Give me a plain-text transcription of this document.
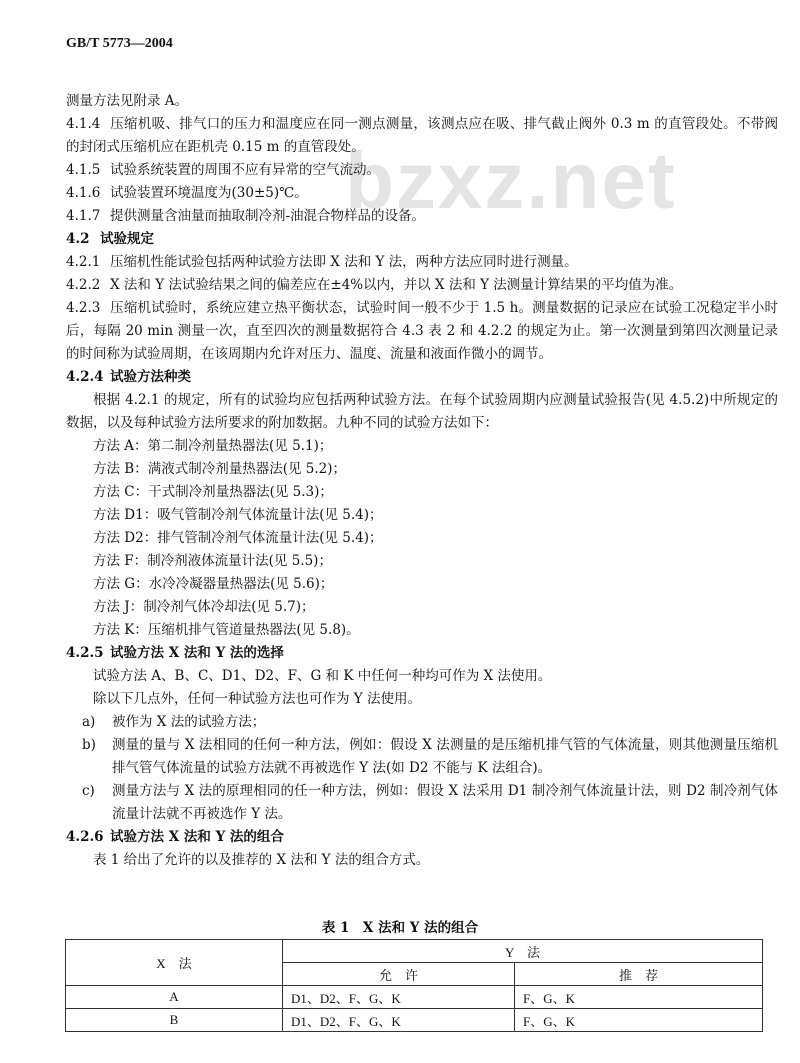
bzxz.net
GB/T 5773—2004

测量方法见附录 A。

4.1.4 压缩机吸、排气口的压力和温度应在同一测点测量，该测点应在吸、排气截止阀外 0.3 m 的直管段处。不带阀的封闭式压缩机应在距机壳 0.15 m 的直管段处。

4.1.5 试验系统装置的周围不应有异常的空气流动。

4.1.6 试验装置环境温度为(30±5)℃。

4.1.7 提供测量含油量而抽取制冷剂-油混合物样品的设备。

4.2 试验规定

4.2.1 压缩机性能试验包括两种试验方法即 X 法和 Y 法，两种方法应同时进行测量。

4.2.2 X 法和 Y 法试验结果之间的偏差应在±4%以内，并以 X 法和 Y 法测量计算结果的平均值为准。

4.2.3 压缩机试验时，系统应建立热平衡状态，试验时间一般不少于 1.5 h。测量数据的记录应在试验工况稳定半小时后，每隔 20 min 测量一次，直至四次的测量数据符合 4.3 表 2 和 4.2.2 的规定为止。第一次测量到第四次测量记录的时间称为试验周期，在该周期内允许对压力、温度、流量和液面作微小的调节。

4.2.4 试验方法种类

根据 4.2.1 的规定，所有的试验均应包括两种试验方法。在每个试验周期内应测量试验报告(见 4.5.2)中所规定的数据，以及每种试验方法所要求的附加数据。九种不同的试验方法如下：

方法 A：第二制冷剂量热器法(见 5.1)；

方法 B：满液式制冷剂量热器法(见 5.2)；

方法 C：干式制冷剂量热器法(见 5.3)；

方法 D1：吸气管制冷剂气体流量计法(见 5.4)；

方法 D2：排气管制冷剂气体流量计法(见 5.4)；

方法 F：制冷剂液体流量计法(见 5.5)；

方法 G：水冷冷凝器量热器法(见 5.6)；

方法 J：制冷剂气体冷却法(见 5.7)；

方法 K：压缩机排气管道量热器法(见 5.8)。

4.2.5 试验方法 X 法和 Y 法的选择

试验方法 A、B、C、D1、D2、F、G 和 K 中任何一种均可作为 X 法使用。

除以下几点外，任何一种试验方法也可作为 Y 法使用。

a)	被作为 X 法的试验方法；
b)	测量的量与 X 法相同的任何一种方法，例如：假设 X 法测量的是压缩机排气管的气体流量，则其他测量压缩机排气管气体流量的试验方法就不再被选作 Y 法(如 D2 不能与 K 法组合)。
c)	测量方法与 X 法的原理相同的任一种方法，例如：假设 X 法采用 D1 制冷剂气体流量计法，则 D2 制冷剂气体流量计法就不再被选作 Y 法。

4.2.6 试验方法 X 法和 Y 法的组合

表 1 给出了允许的以及推荐的 X 法和 Y 法的组合方式。

表 1　X 法和 Y 法的组合
X　法	Y　法	
	允　许	推　荐
A	D1、D2、F、G、K	F、G、K
B	D1、D2、F、G、K	F、G、K
